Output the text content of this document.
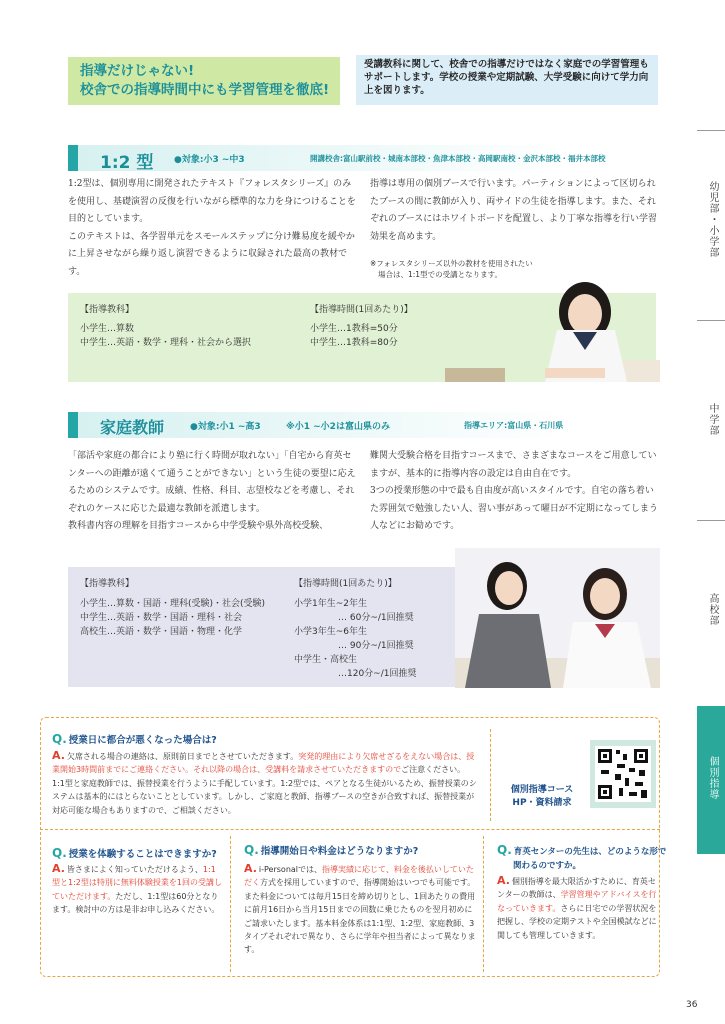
指導だけじゃない!
校舎での指導時間中にも学習管理を徹底!
受講教科に関して、校舎での指導だけではなく家庭での学習管理もサポートします。学校の授業や定期試験、大学受験に向けて学力向上を図ります。
1:2 型 ●対象:小3 ~中3	開講校舎:富山駅前校・城南本部校・魚津本部校・高岡駅南校・金沢本部校・福井本部校

1:2型は、個別専用に開発されたテキスト『フォレスタシリーズ』のみを使用し、基礎演習の反復を行いながら標準的な力を身につけることを目的としています。

このテキストは、各学習単元をスモールステップに分け難易度を緩やかに上昇させながら繰り返し演習できるように収録された最高の教材です。

指導は専用の個別ブースで行います。パーティションによって区切られたブースの間に教師が入り、両サイドの生徒を指導します。また、それぞれのブースにはホワイトボードを配置し、より丁寧な指導を行い学習効果を高めます。

※フォレスタシリーズ以外の教材を使用されたい
場合は、1:1型での受講となります。
【指導教科】
小学生…算数
中学生…英語・数学・理科・社会から選択
【指導時間(1回あたり)】
小学生…1教科=50分
中学生…1教科=80分
家庭教師	●対象:小1 ~高3	※小1 ~小2は富山県のみ	指導エリア:富山県・石川県

「部活や家庭の都合により塾に行く時間が取れない」「自宅から育英センターへの距離が遠くて通うことができない」という生徒の要望に応えるためのシステムです。成績、性格、科目、志望校などを考慮し、それぞれのケースに応じた最適な教師を派遣します。

教科書内容の理解を目指すコースから中学受験や県外高校受験、

難関大受験合格を目指すコースまで、さまざまなコースをご用意していますが、基本的に指導内容の設定は自由自在です。

3つの授業形態の中で最も自由度が高いスタイルです。自宅の落ち着いた雰囲気で勉強したい人、習い事があって曜日が不定期になってしまう人などにお勧めです。

【指導教科】
小学生…算数・国語・理科(受験)・社会(受験)
中学生…英語・数学・国語・理科・社会
高校生…英語・数学・国語・物理・化学
【指導時間(1回あたり)】
小学1年生~2年生
… 60分~/1回推奨
小学3年生~6年生
… 90分~/1回推奨
中学生・高校生
…120分~/1回推奨
幼児部・小学部
中学部
高校部
個別指導
Q. 授業日に都合が悪くなった場合は?
A. 欠席される場合の連絡は、原則前日までとさせていただきます。突発的理由により欠席せざるをえない場合は、授業開始3時間前までにご連絡ください。それ以降の場合は、受講料を請求させていただきますのでご注意ください。1:1型と家庭教師では、振替授業を行うように手配しています。1:2型では、ペアとなる生徒がいるため、振替授業のシステムは基本的にはとらないこととしています。しかし、ご家庭と教師、指導ブースの空きが合致すれば、振替授業が対応可能な場合もありますので、ご相談ください。
個別指導コース
HP・資料請求
Q. 授業を体験することはできますか?
A. 皆さまによく知っていただけるよう、1:1型と1:2型は特別に無料体験授業を1回の受講していただけます。ただし、1:1型は60分となります。検討中の方は是非お申し込みください。
Q. 指導開始日や料金はどうなりますか?
A. i-Personalでは、指導実績に応じて、料金を後払いしていただく方式を採用していますので、指導開始はいつでも可能です。また料金については毎月15日を締め切りとし、1回あたりの費用に前月16日から当月15日までの回数に乗じたものを翌月初めにご請求いたします。基本料金体系は1:1型、1:2型、家庭教師、3タイプそれぞれで異なり、さらに学年や担当者によって異なります。
Q. 育英センターの先生は、どのような形で
関わるのですか。
A. 個別指導を最大限活かすために、育英センターの教師は、学習管理やアドバイスを行なっていきます。さらに日宅での学習状況を把握し、学校の定期テストや全国模試などに関しても管理していきます。
36
